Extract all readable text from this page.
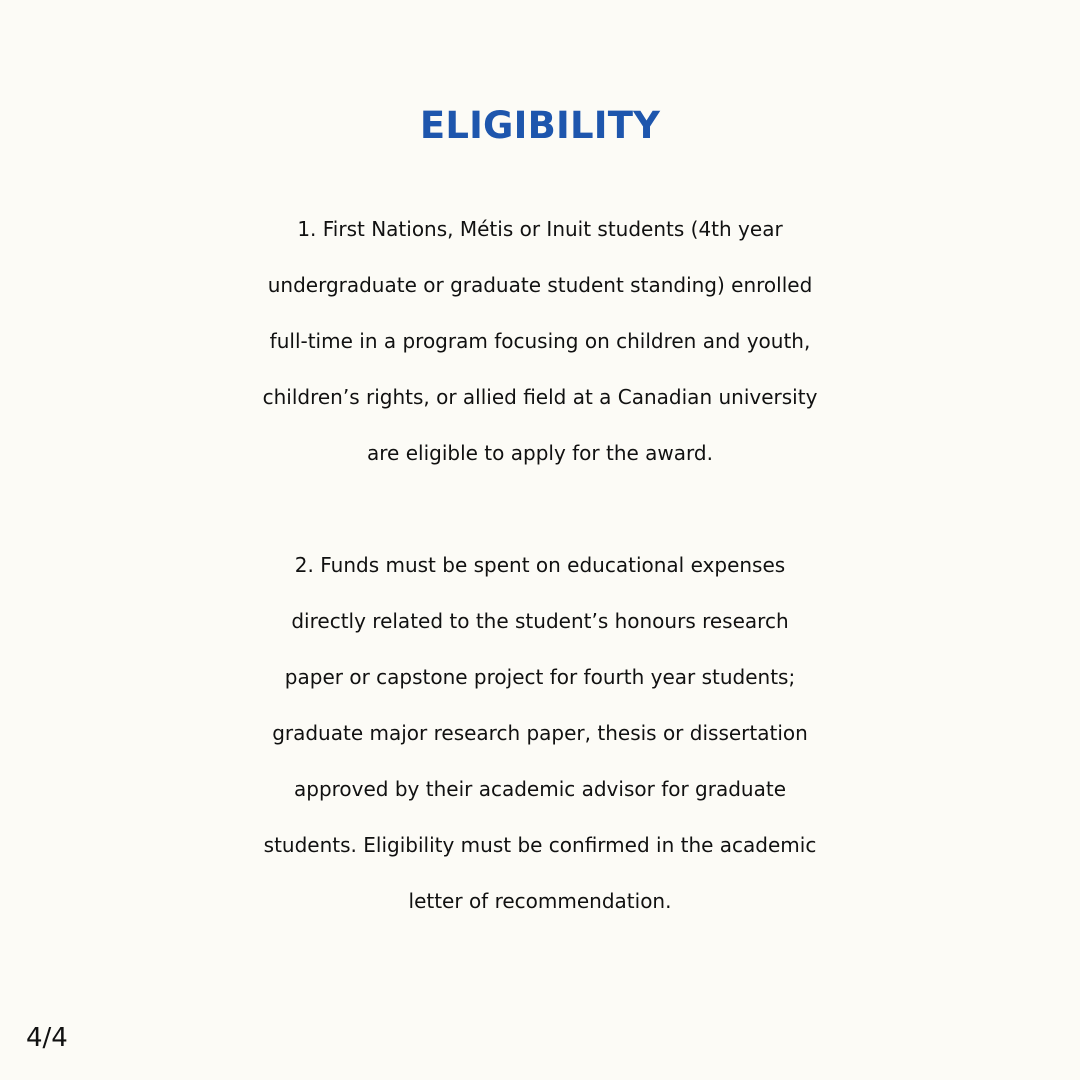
ELIGIBILITY
1. First Nations, Métis or Inuit students (4th year
undergraduate or graduate student standing) enrolled
full-time in a program focusing on children and youth,
children’s rights, or allied field at a Canadian university
are eligible to apply for the award.
2. Funds must be spent on educational expenses
directly related to the student’s honours research
paper or capstone project for fourth year students;
graduate major research paper, thesis or dissertation
approved by their academic advisor for graduate
students. Eligibility must be confirmed in the academic
letter of recommendation.
4/4
